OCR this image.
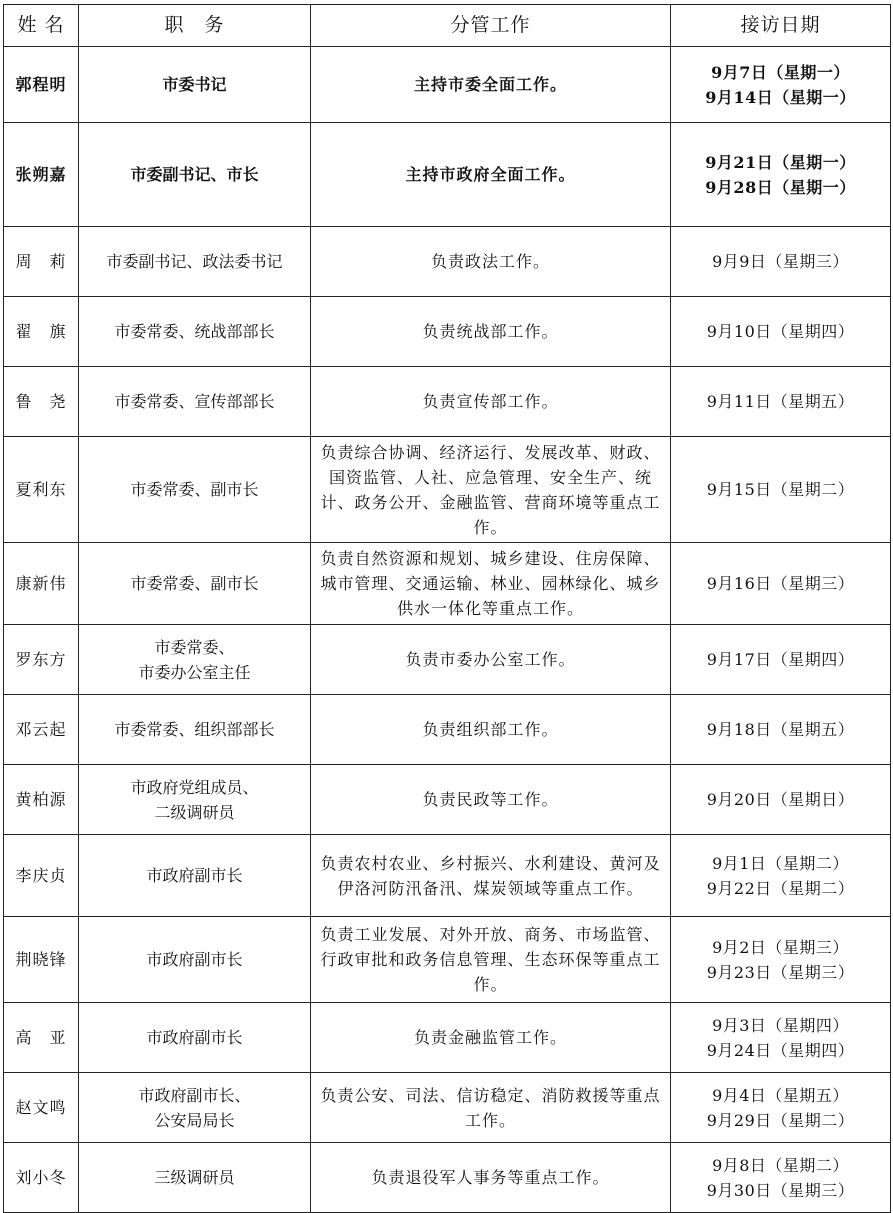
姓 名	职　务	分管工作	接访日期
郭程明	市委书记	主持市委全面工作。	9月7日（星期一）
9月14日（星期一）

张朔嘉	市委副书记、市长	主持市政府全面工作。	9月21日（星期一）
9月28日（星期一）

周　莉	市委副书记、政法委书记	负责政法工作。	9月9日（星期三）

翟　旗	市委常委、统战部部长	负责统战部工作。	9月10日（星期四）

鲁　尧	市委常委、宣传部部长	负责宣传部工作。	9月11日（星期五）

夏利东	市委常委、副市长	负责综合协调、经济运行、发展改革、财政、国资监管、人社、应急管理、安全生产、统计、政务公开、金融监管、营商环境等重点工作。	9月15日（星期二）

康新伟	市委常委、副市长	负责自然资源和规划、城乡建设、住房保障、城市管理、交通运输、林业、园林绿化、城乡供水一体化等重点工作。	9月16日（星期三）

罗东方	市委常委、
市委办公室主任	负责市委办公室工作。	9月17日（星期四）

邓云起	市委常委、组织部部长	负责组织部工作。	9月18日（星期五）

黄柏源	市政府党组成员、
二级调研员	负责民政等工作。	9月20日（星期日）

李庆贞	市政府副市长	负责农村农业、乡村振兴、水利建设、黄河及伊洛河防汛备汛、煤炭领域等重点工作。	9月1日（星期二）
9月22日（星期二）

荆晓锋	市政府副市长	负责工业发展、对外开放、商务、市场监管、行政审批和政务信息管理、生态环保等重点工作。	9月2日（星期三）
9月23日（星期三）

高　亚	市政府副市长	负责金融监管工作。	9月3日（星期四）
9月24日（星期四）

赵文鸣	市政府副市长、
公安局局长	负责公安、司法、信访稳定、消防救援等重点工作。	9月4日（星期五）
9月29日（星期二）

刘小冬	三级调研员	负责退役军人事务等重点工作。	9月8日（星期二）
9月30日（星期三）
